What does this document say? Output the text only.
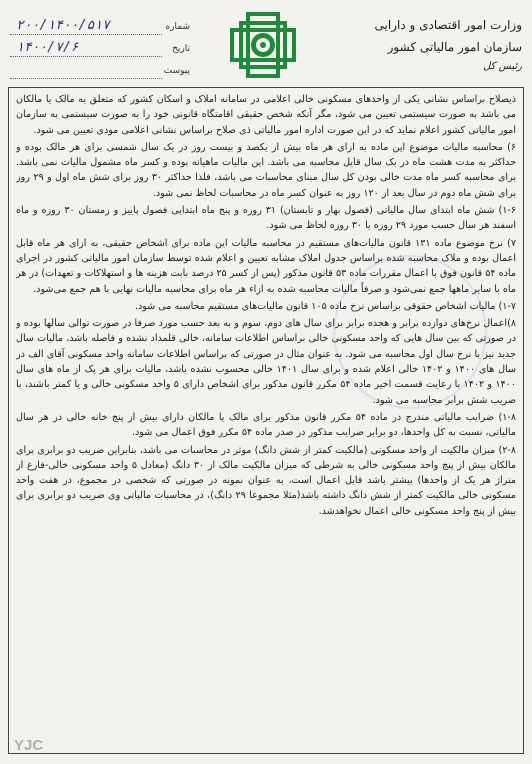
وزارت امور اقتصادی و دارایی
سازمان امور مالیاتی کشور
رئیس کل
شماره
۲۰۰/۱۴۰۰/۵۱۷
تاریخ
۱۴۰۰/۷/۶
پیوست

ذیصلاح براساس نشانی یکی از واحدهای مسکونی خالی اعلامی در سامانه املاک و اسکان کشور که متعلق به مالک یا مالکان می باشد به صورت سیستمی تعیین می شود، مگر آنکه شخص حقیقی اقامتگاه قانونی خود را به صورت سیستمی به سازمان امور مالیاتی کشور اعلام نماید که در این صورت اداره امور مالیاتی ذی صلاح براساس نشانی اعلامی مودی تعیین می شود.

۶) محاسبه مالیات موضوع این ماده به ازای هر ماه بیش از یکصد و بیست روز در یک سال شمسی برای هر مالک بوده و حداکثر به مدت هشت ماه در یک سال قابل محاسبه می باشد. این مالیات ماهیانه بوده و کسر ماه مشمول مالیات نمی باشد. برای محاسبه کسر ماه مدت خالی بودن کل سال مبنای محاسبات می باشد، فلذا حداکثر ۳۰ روز برای شش ماه اول و ۲۹ روز برای شش ماه دوم در سال بعد از ۱۲۰ روز به عنوان کسر ماه در محاسبات لحاظ نمی شود.

۱-۶) شش ماه ابتدای سال مالیاتی (فصول بهار و تابستان) ۳۱ روزه و پنج ماه ابتدایی فصول پاییز و زمستان ۳۰ روزه و ماه اسفند هر سال حسب مورد ۲۹ روزه یا ۳۰ روزه لحاظ می شود.

۷) نرخ موضوع ماده ۱۳۱ قانون مالیات‌های مستقیم در محاسبه مالیات این ماده برای اشخاص حقیقی، به ازای هر ماه قابل اعمال بوده و ملاک محاسبه شده براساس جدول املاک مشابه تعیین و اعلام شده توسط سازمان امور مالیاتی کشور در اجرای ماده ۵۴ قانون فوق با اعمال مقررات ماده ۵۳ قانون مذکور (پس از کسر ۲۵ درصد بابت هزینه ها و استهلاکات و تعهدات) در هر ماه با سایر ماهها جمع نمی‌شود و صرفاً مالیات محاسبه شده به ازاء هر ماه برای محاسبه مالیات نهایی با هم جمع می‌شود.

۱-۷) مالیات اشخاص حقوقی براساس نرخ ماده ۱۰۵ قانون مالیات‌های مستقیم محاسبه می شود.

۸)اعمال نرخ‌های دوازده برابر و هجده برابر برای سال های دوم، سوم و به بعد حسب مورد صرفا در صورت توالی سالها بوده و در صورتی که بین سال هایی که واحد مسکونی خالی براساس اطلاعات سامانه، خالی قلمداد نشده و فاصله باشد، مالیات سال جدید نیز با نرخ سال اول محاسبه می شود. به عنوان مثال در صورتی که براساس اطلاعات سامانه واحد مسکونی آقای الف در سال های ۱۴۰۰ و ۱۴۰۲ خالی اعلام شده و برای سال ۱۴۰۱ خالی محسوب نشده باشد، مالیات برای هر یک از ماه های سال ۱۴۰۰ و ۱۴۰۲ با رعایت قسمت اخیر ماده ۵۴ مکرر قانون مذکور برای اشخاص دارای ۵ واحد مسکونی خالی و یا کمتر باشند، با ضریب شش برابر محاسبه می شود.

۱-۸) ضرایب مالیاتی مندرج در ماده ۵۴ مکرر قانون مذکور برای مالک یا مالکان دارای بیش از پنج خانه خالی در هر سال مالیاتی، نسبت به کل واحدها، دو برابر ضرایب مذکور در صدر ماده ۵۴ مکرر فوق اعمال می شود.

۲-۸) میزان مالکیت از واحد مسکونی (مالکیت کمتر از شش دانگ) موثر در محاسبات می باشد، بنابراین ضریب دو برابری برای مالکان بیش از پنج واحد مسکونی خالی به شرطی که میزان مالکیت مالک از ۳۰ دانگ (معادل ۵ واحد مسکونی خالی-فارغ از متراژ هر یک از واحدها) بیشتر باشد قابل اعمال است، به عنوان نمونه در صورتی که شخصی در مجموع، در هفت واحد مسکونی خالی مالکیت کمتر از شش دانگ داشته باشد(مثلا مجموعا ۲۹ دانگ)، در محاسبات مالیاتی وی ضریب دو برابری برای بیش از پنج واحد مسکونی خالی اعمال نخواهدشد.

YJC
